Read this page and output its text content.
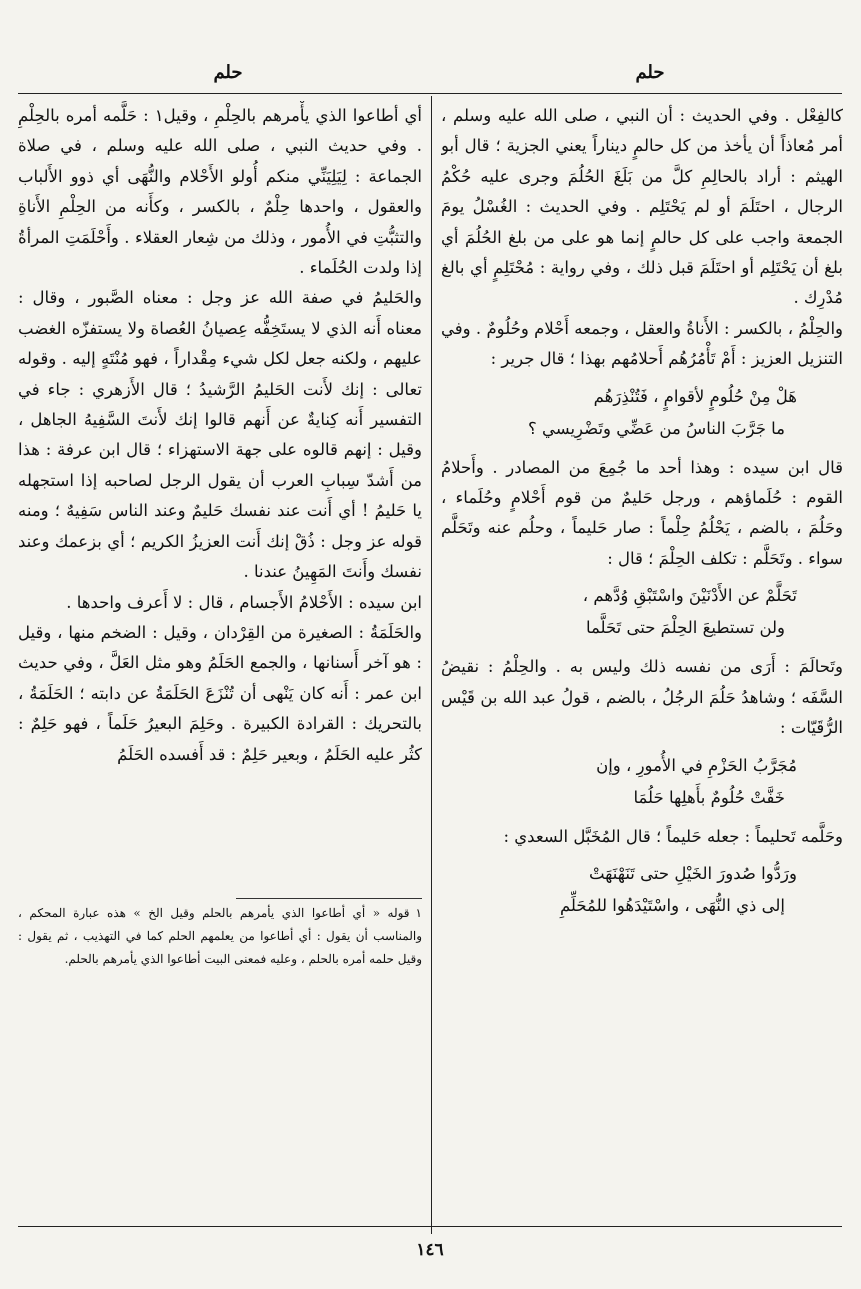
حلم
حلم

كالفِعْل . وفي الحديث : أن النبي ، صلى الله عليه وسلم ، أمر مُعاذاً أن يأخذ من كل حالمٍ ديناراً يعني الجزية ؛ قال أبو الهيثم : أراد بالحالِمِ كلَّ من بَلَغَ الحُلُمَ وجرى عليه حُكْمُ الرجال ، احتَلَمَ أو لم يَحْتَلِم . وفي الحديث : الغُسْلُ يومَ الجمعة واجب على كل حالمٍ إنما هو على من بلغ الحُلُمَ أي بلغ أن يَحْتَلِم أو احتَلَمَ قبل ذلك ، وفي رواية : مُحْتَلِمٍ أي بالغ مُدْرِك .

والحِلْمُ ، بالكسر : الأَناةُ والعقل ، وجمعه أَحْلام وحُلُومٌ . وفي التنزيل العزيز : أَمْ تَأْمُرُهُم أَحلامُهم بهذا ؛ قال جرير :

هَلْ مِنْ حُلُومٍ لأقوامٍ ، فَتُنْذِرَهُم
ما جَرَّبَ الناسُ من عَضِّي وتَضْرِيسي ؟

قال ابن سيده : وهذا أحد ما جُمِعَ من المصادر . وأَحلامُ القوم : حُلَماؤهم ، ورجل حَليمٌ من قوم أَحْلامٍ وحُلَماء ، وحَلُمَ ، بالضم ، يَحْلُمُ حِلْماً : صار حَليماً ، وحلُم عنه وتَحَلَّم سواء . وتَحَلَّم : تكلف الحِلْمَ ؛ قال :

تَحَلَّمْ عن الأَدْنَيْنَ واسْتَبْقِ وُدَّهم ،
ولن تستطيعَ الحِلْمَ حتى تَحَلَّما

وتَحالَمَ : أَرَى من نفسه ذلك وليس به . والحِلْمُ : نقيضُ السَّفَه ؛ وشاهدُ حَلُمَ الرجُلُ ، بالضم ، قولُ عبد الله بن قَيْس الرُّقَيّات :

مُجَرَّبُ الحَزْمِ في الأُمورِ ، وإن
خَفَّتْ حُلُومٌ بأَهلِها حَلُمَا

وحَلَّمه تَحليماً : جعله حَليماً ؛ قال المُخَبَّل السعدي :

ورَدُّوا صُدورَ الخَيْلِ حتى تَنَهْنَهَتْ
إلى ذي النُّهَى ، واسْتَيْدَهُوا للمُحَلِّمِ

أي أطاعوا الذي يأْمرهم بالحِلْمِ ، وقيل١ : حَلَّمه أمره بالحِلْمِ . وفي حديث النبي ، صلى الله عليه وسلم ، في صلاة الجماعة : لِيَلِيَنِّي منكم أُولو الأَحْلام والنُّهَى أي ذوو الأَلباب والعقول ، واحدها حِلْمٌ ، بالكسر ، وكأَنه من الحِلْمِ الأَناةِ والتثبُّتِ في الأُمور ، وذلك من شِعار العقلاء . وأَحْلَمَتِ المرأةُ إذا ولدت الحُلَماء .

والحَليمُ في صفة الله عز وجل : معناه الصَّبور ، وقال : معناه أَنه الذي لا يستَخِفُّه عِصيانُ العُصاة ولا يستفزّه الغضب عليهم ، ولكنه جعل لكل شيء مِقْداراً ، فهو مُنْتَهٍ إليه . وقوله تعالى : إنك لأَنت الحَليمُ الرَّشيدُ ؛ قال الأَزهري : جاء في التفسير أَنه كِنايةٌ عن أَنهم قالوا إنك لأَنتَ السَّفِيهُ الجاهل ، وقيل : إنهم قالوه على جهة الاستهزاء ؛ قال ابن عرفة : هذا من أَشدّ سِبابِ العرب أن يقول الرجل لصاحبه إذا استجهله يا حَليمُ ! أي أَنت عند نفسك حَليمٌ وعند الناس سَفِيهٌ ؛ ومنه قوله عز وجل : ذُقْ إنك أَنت العزيزُ الكريم ؛ أي بزعمك وعند نفسك وأَنتَ المَهِينُ عندنا .

ابن سيده : الأَحْلامُ الأَجسام ، قال : لا أَعرف واحدها .

والحَلَمَةُ : الصغيرة من القِرْدان ، وقيل : الضخم منها ، وقيل : هو آخر أَسنانها ، والجمع الحَلَمُ وهو مثل العَلَّ ، وفي حديث ابن عمر : أَنه كان يَنْهى أن تُنْزَعَ الحَلَمَةُ عن دابته ؛ الحَلَمَةُ ، بالتحريك : القرادة الكبيرة . وحَلِمَ البعيرُ حَلَماً ، فهو حَلِمٌ : كثُر عليه الحَلَمُ ، وبعير حَلِمٌ : قد أَفسده الحَلَمُ

١قوله « أي أطاعوا الذي يأمرهم بالحلم وقيل الخ » هذه عبارة المحكم ، والمناسب أن يقول : أي أطاعوا من يعلمهم الحلم كما في التهذيب ، ثم يقول : وقيل حلمه أمره بالحلم ، وعليه فمعنى البيت أطاعوا الذي يأمرهم بالحلم.
١٤٦
